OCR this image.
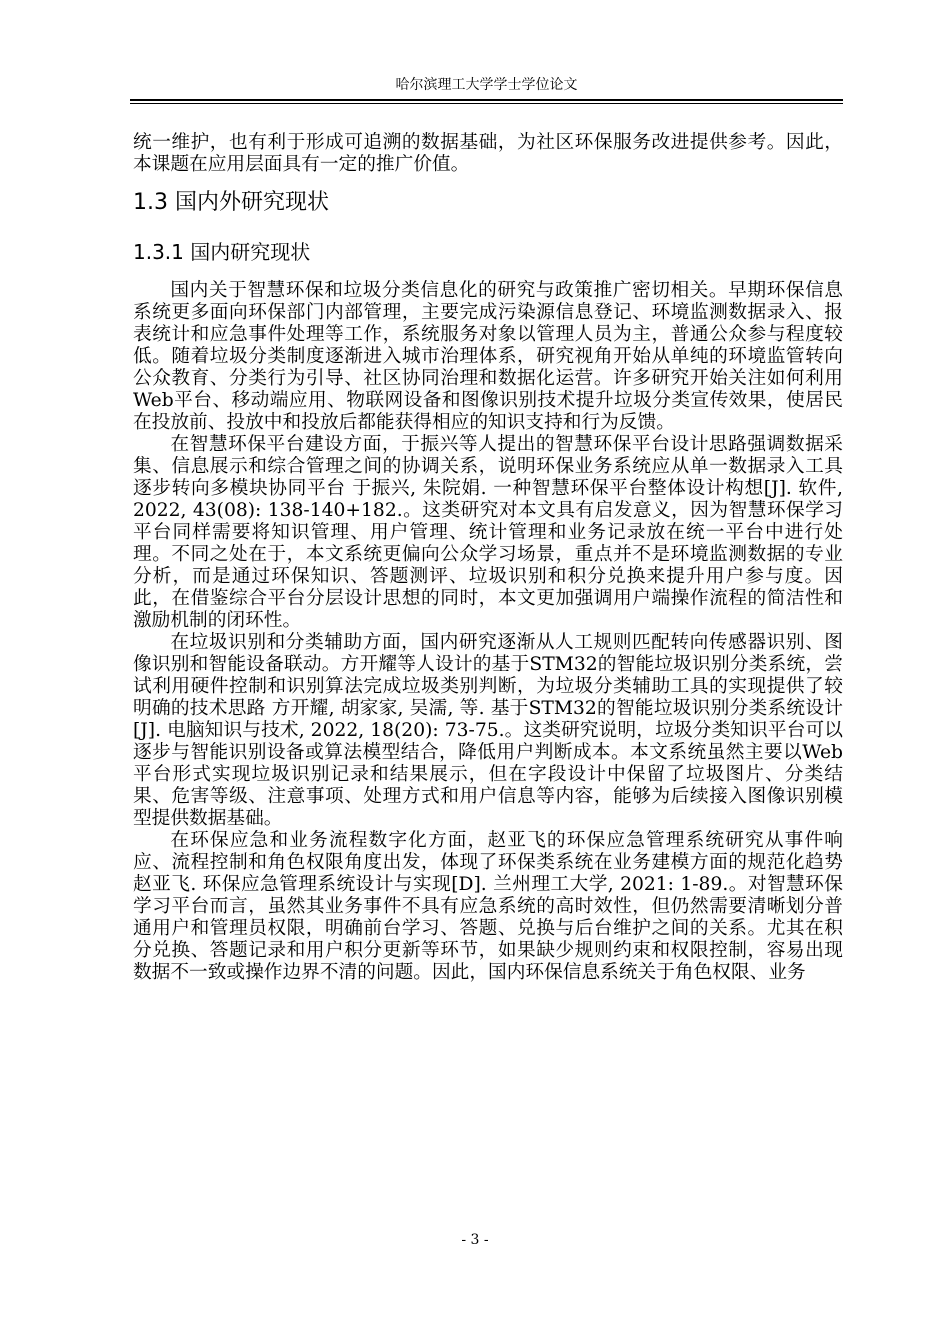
哈尔滨理工大学学士学位论文

统一维护，也有利于形成可追溯的数据基础，为社区环保服务改进提供参考。因此，本课题在应用层面具有一定的推广价值。

1.3 国内外研究现状
1.3.1 国内研究现状

国内关于智慧环保和垃圾分类信息化的研究与政策推广密切相关。早期环保信息系统更多面向环保部门内部管理，主要完成污染源信息登记、环境监测数据录入、报表统计和应急事件处理等工作，系统服务对象以管理人员为主，普通公众参与程度较低。随着垃圾分类制度逐渐进入城市治理体系，研究视角开始从单纯的环境监管转向公众教育、分类行为引导、社区协同治理和数据化运营。许多研究开始关注如何利用Web平台、移动端应用、物联网设备和图像识别技术提升垃圾分类宣传效果，使居民在投放前、投放中和投放后都能获得相应的知识支持和行为反馈。

在智慧环保平台建设方面，于振兴等人提出的智慧环保平台设计思路强调数据采集、信息展示和综合管理之间的协调关系，说明环保业务系统应从单一数据录入工具逐步转向多模块协同平台 于振兴, 朱院娟. 一种智慧环保平台整体设计构想[J]. 软件, 2022, 43(08): 138-140+182.。这类研究对本文具有启发意义，因为智慧环保学习平台同样需要将知识管理、用户管理、统计管理和业务记录放在统一平台中进行处理。不同之处在于，本文系统更偏向公众学习场景，重点并不是环境监测数据的专业分析，而是通过环保知识、答题测评、垃圾识别和积分兑换来提升用户参与度。因此，在借鉴综合平台分层设计思想的同时，本文更加强调用户端操作流程的简洁性和激励机制的闭环性。

在垃圾识别和分类辅助方面，国内研究逐渐从人工规则匹配转向传感器识别、图像识别和智能设备联动。方开耀等人设计的基于STM32的智能垃圾识别分类系统，尝试利用硬件控制和识别算法完成垃圾类别判断，为垃圾分类辅助工具的实现提供了较明确的技术思路 方开耀, 胡家家, 吴濡, 等. 基于STM32的智能垃圾识别分类系统设计[J]. 电脑知识与技术, 2022, 18(20): 73-75.。这类研究说明，垃圾分类知识平台可以逐步与智能识别设备或算法模型结合，降低用户判断成本。本文系统虽然主要以Web平台形式实现垃圾识别记录和结果展示，但在字段设计中保留了垃圾图片、分类结果、危害等级、注意事项、处理方式和用户信息等内容，能够为后续接入图像识别模型提供数据基础。

在环保应急和业务流程数字化方面，赵亚飞的环保应急管理系统研究从事件响应、流程控制和角色权限角度出发，体现了环保类系统在业务建模方面的规范化趋势 赵亚飞. 环保应急管理系统设计与实现[D]. 兰州理工大学, 2021: 1-89.。对智慧环保学习平台而言，虽然其业务事件不具有应急系统的高时效性，但仍然需要清晰划分普通用户和管理员权限，明确前台学习、答题、兑换与后台维护之间的关系。尤其在积分兑换、答题记录和用户积分更新等环节，如果缺少规则约束和权限控制，容易出现数据不一致或操作边界不清的问题。因此，国内环保信息系统关于角色权限、业务

- 3 -
